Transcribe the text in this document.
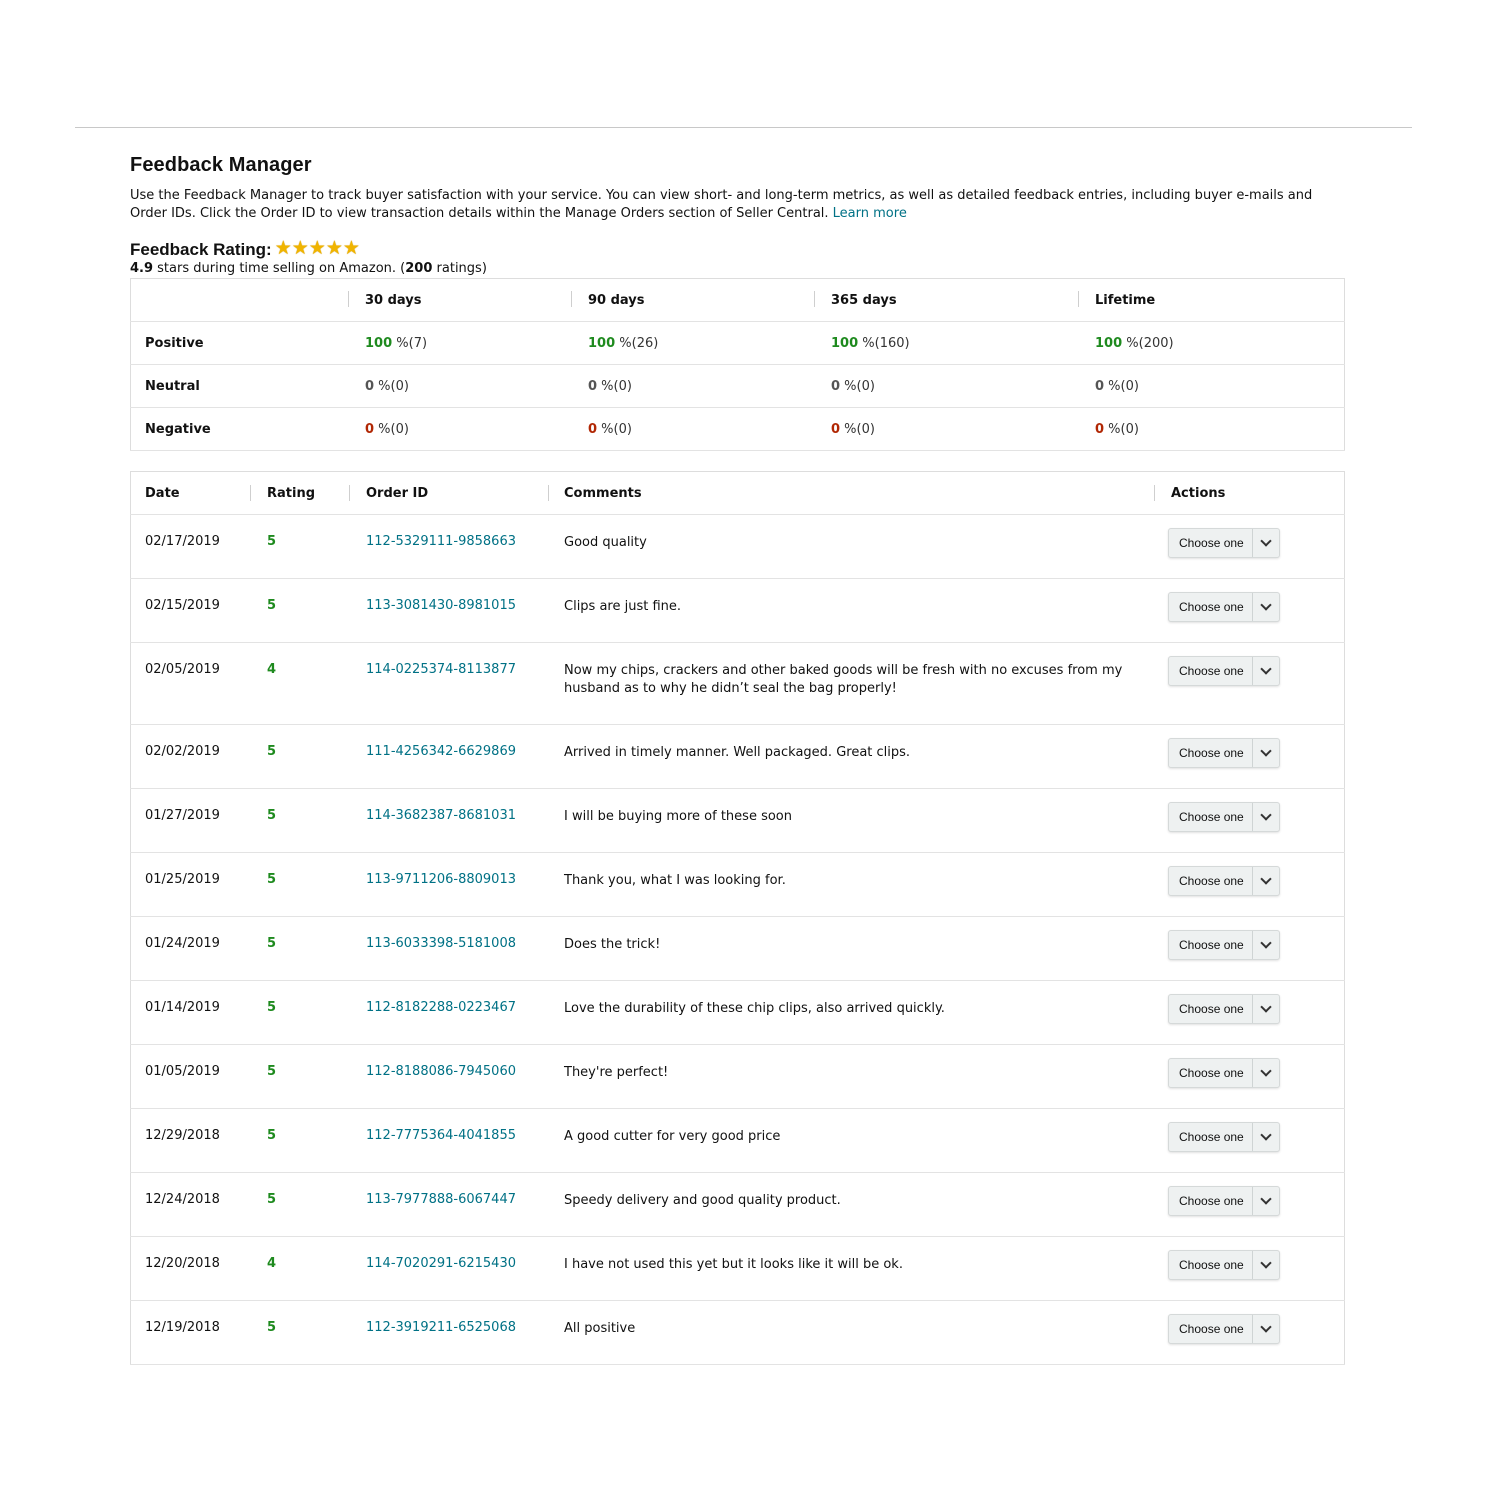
Feedback Manager

Use the Feedback Manager to track buyer satisfaction with your service. You can view short- and long-term metrics, as well as detailed feedback entries, including buyer e-mails and Order IDs. Click the Order ID to view transaction details within the Manage Orders section of Seller Central. Learn more

Feedback Rating: ★ ★ ★ ★ ★
4.9 stars during time selling on Amazon. (200 ratings)
	30 days	90 days	365 days	Lifetime
Positive	100 %(7)	100 %(26)	100 %(160)	100 %(200)
Neutral	0 %(0)	0 %(0)	0 %(0)	0 %(0)
Negative	0 %(0)	0 %(0)	0 %(0)	0 %(0)
Date	Rating	Order ID	Comments	Actions

02/17/2019	5	112-5329111-9858663	Good quality	Choose one

02/15/2019	5	113-3081430-8981015	Clips are just fine.	Choose one

02/05/2019	4	114-0225374-8113877	Now my chips, crackers and other baked goods will be fresh with no excuses from my husband as to why he didn’t seal the bag properly!	Choose one

02/02/2019	5	111-4256342-6629869	Arrived in timely manner. Well packaged. Great clips.	Choose one

01/27/2019	5	114-3682387-8681031	I will be buying more of these soon	Choose one

01/25/2019	5	113-9711206-8809013	Thank you, what I was looking for.	Choose one

01/24/2019	5	113-6033398-5181008	Does the trick!	Choose one

01/14/2019	5	112-8182288-0223467	Love the durability of these chip clips, also arrived quickly.	Choose one

01/05/2019	5	112-8188086-7945060	They're perfect!	Choose one

12/29/2018	5	112-7775364-4041855	A good cutter for very good price	Choose one

12/24/2018	5	113-7977888-6067447	Speedy delivery and good quality product.	Choose one

12/20/2018	4	114-7020291-6215430	I have not used this yet but it looks like it will be ok.	Choose one

12/19/2018	5	112-3919211-6525068	All positive	Choose one
